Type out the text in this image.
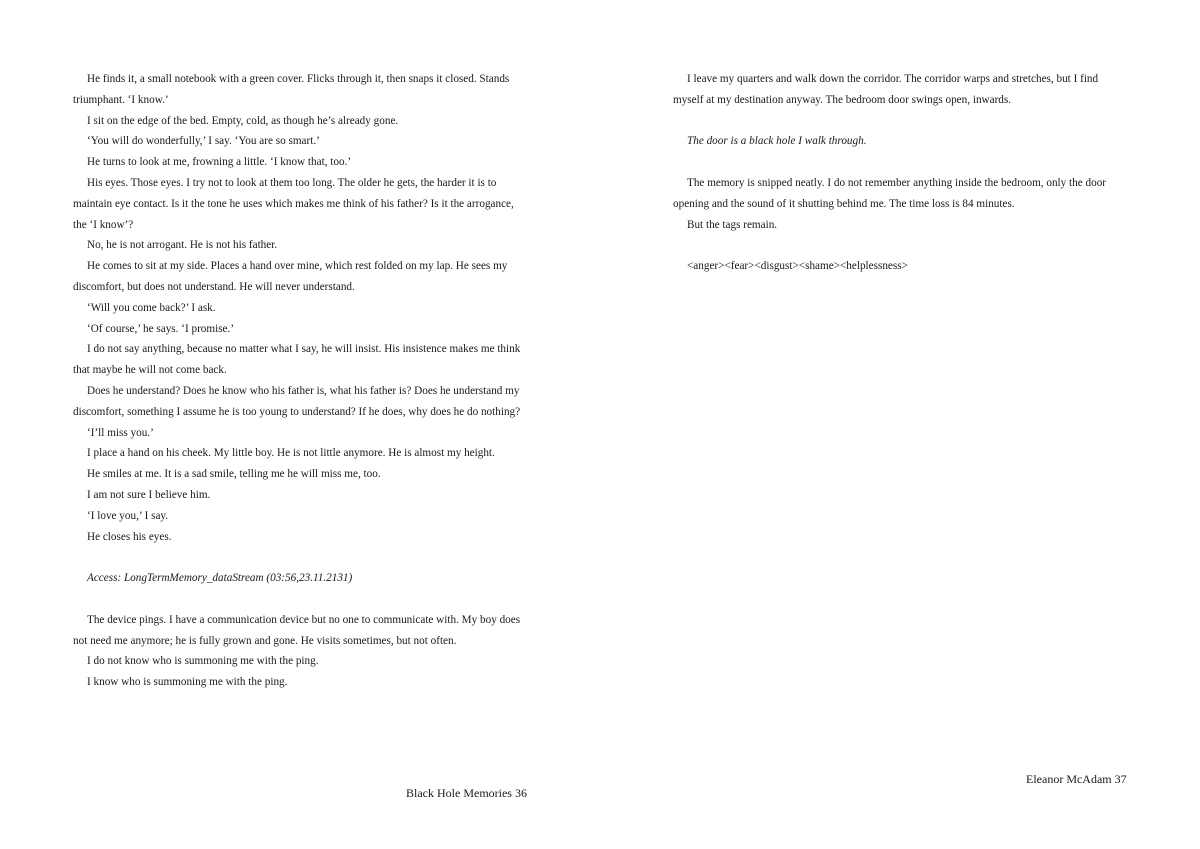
He finds it, a small notebook with a green cover. Flicks through it, then snaps it closed. Stands triumphant. ‘I know.’

I sit on the edge of the bed. Empty, cold, as though he’s already gone.

‘You will do wonderfully,’ I say. ‘You are so smart.’

He turns to look at me, frowning a little. ‘I know that, too.’

His eyes. Those eyes. I try not to look at them too long. The older he gets, the harder it is to maintain eye contact. Is it the tone he uses which makes me think of his father? Is it the arrogance, the ‘I know’?

No, he is not arrogant. He is not his father.

He comes to sit at my side. Places a hand over mine, which rest folded on my lap. He sees my discomfort, but does not understand. He will never understand.

‘Will you come back?’ I ask.

‘Of course,’ he says. ‘I promise.’

I do not say anything, because no matter what I say, he will insist. His insistence makes me think that maybe he will not come back.

Does he understand? Does he know who his father is, what his father is? Does he understand my discomfort, something I assume he is too young to understand? If he does, why does he do nothing?

‘I’ll miss you.’

I place a hand on his cheek. My little boy. He is not little anymore. He is almost my height.

He smiles at me. It is a sad smile, telling me he will miss me, too.

I am not sure I believe him.

‘I love you,’ I say.

He closes his eyes.

Access: LongTermMemory_dataStream (03:56,23.11.2131)

The device pings. I have a communication device but no one to communicate with. My boy does not need me anymore; he is fully grown and gone. He visits sometimes, but not often.

I do not know who is summoning me with the ping.

I know who is summoning me with the ping.

Black Hole Memories 36

I leave my quarters and walk down the corridor. The corridor warps and stretches, but I find myself at my destination anyway. The bedroom door swings open, inwards.

The door is a black hole I walk through.

The memory is snipped neatly. I do not remember anything inside the bedroom, only the door opening and the sound of it shutting behind me. The time loss is 84 minutes.

But the tags remain.

<anger><fear><disgust><shame><helplessness>

Eleanor McAdam 37
